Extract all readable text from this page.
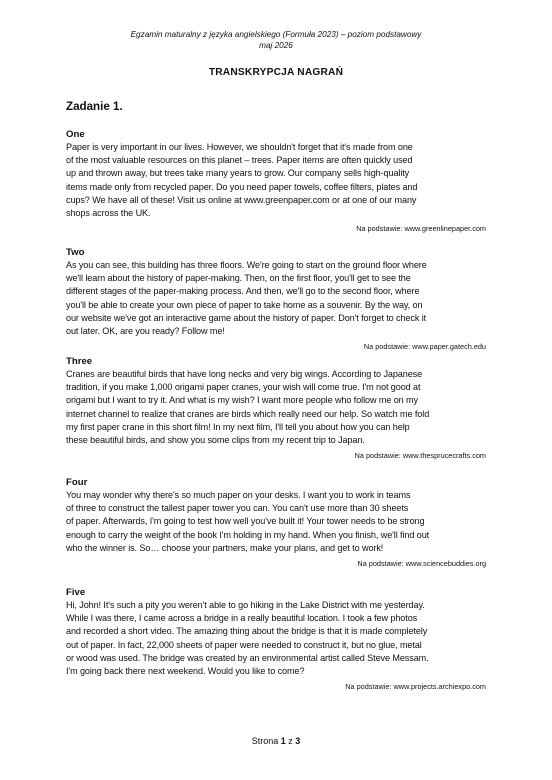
Egzamin maturalny z języka angielskiego (Formuła 2023) – poziom podstawowy
maj 2026
TRANSKRYPCJA NAGRAŃ
Zadanie 1.
One

Paper is very important in our lives. However, we shouldn't forget that it's made from one

of the most valuable resources on this planet – trees. Paper items are often quickly used

up and thrown away, but trees take many years to grow. Our company sells high-quality

items made only from recycled paper. Do you need paper towels, coffee filters, plates and

cups? We have all of these! Visit us online at www.greenpaper.com or at one of our many

shops across the UK.

Na podstawie: www.greenlinepaper.com
Two

As you can see, this building has three floors. We're going to start on the ground floor where

we'll learn about the history of paper-making. Then, on the first floor, you'll get to see the

different stages of the paper-making process. And then, we'll go to the second floor, where

you'll be able to create your own piece of paper to take home as a souvenir. By the way, on

our website we've got an interactive game about the history of paper. Don't forget to check it

out later. OK, are you ready? Follow me!

Na podstawie: www.paper.gatech.edu
Three

Cranes are beautiful birds that have long necks and very big wings. According to Japanese

tradition, if you make 1,000 origami paper cranes, your wish will come true. I'm not good at

origami but I want to try it. And what is my wish? I want more people who follow me on my

internet channel to realize that cranes are birds which really need our help. So watch me fold

my first paper crane in this short film! In my next film, I'll tell you about how you can help

these beautiful birds, and show you some clips from my recent trip to Japan.

Na podstawie: www.thesprucecrafts.com
Four

You may wonder why there's so much paper on your desks. I want you to work in teams

of three to construct the tallest paper tower you can. You can't use more than 30 sheets

of paper. Afterwards, I'm going to test how well you've built it! Your tower needs to be strong

enough to carry the weight of the book I'm holding in my hand. When you finish, we'll find out

who the winner is. So… choose your partners, make your plans, and get to work!

Na podstawie: www.sciencebuddies.org
Five

Hi, John! It's such a pity you weren't able to go hiking in the Lake District with me yesterday.

While I was there, I came across a bridge in a really beautiful location. I took a few photos

and recorded a short video. The amazing thing about the bridge is that it is made completely

out of paper. In fact, 22,000 sheets of paper were needed to construct it, but no glue, metal

or wood was used. The bridge was created by an environmental artist called Steve Messam.

I'm going back there next weekend. Would you like to come?

Na podstawie: www.projects.archiexpo.com
Strona 1 z 3
